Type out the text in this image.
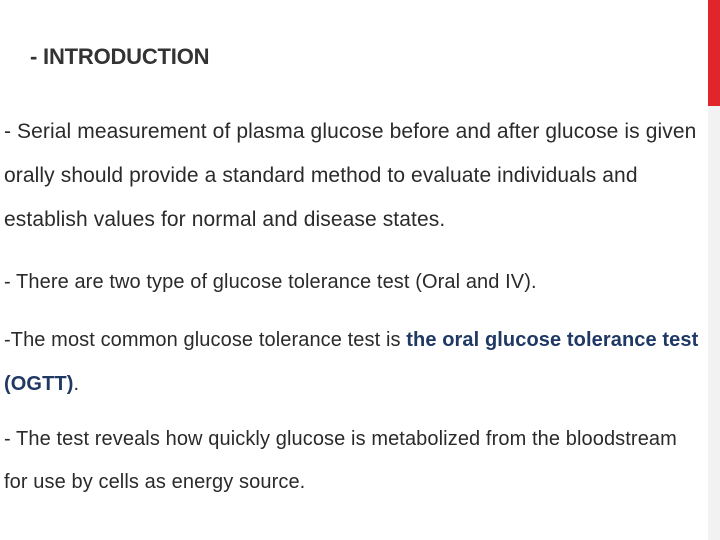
- INTRODUCTION
- Serial measurement of plasma glucose before and after glucose is given orally should provide a standard method to evaluate individuals and establish values for normal and disease states.
- There are two type of glucose tolerance test (Oral and IV).
-The most common glucose tolerance test is the oral glucose tolerance test (OGTT).
- The test reveals how quickly glucose is metabolized from the bloodstream for use by cells as energy source.
